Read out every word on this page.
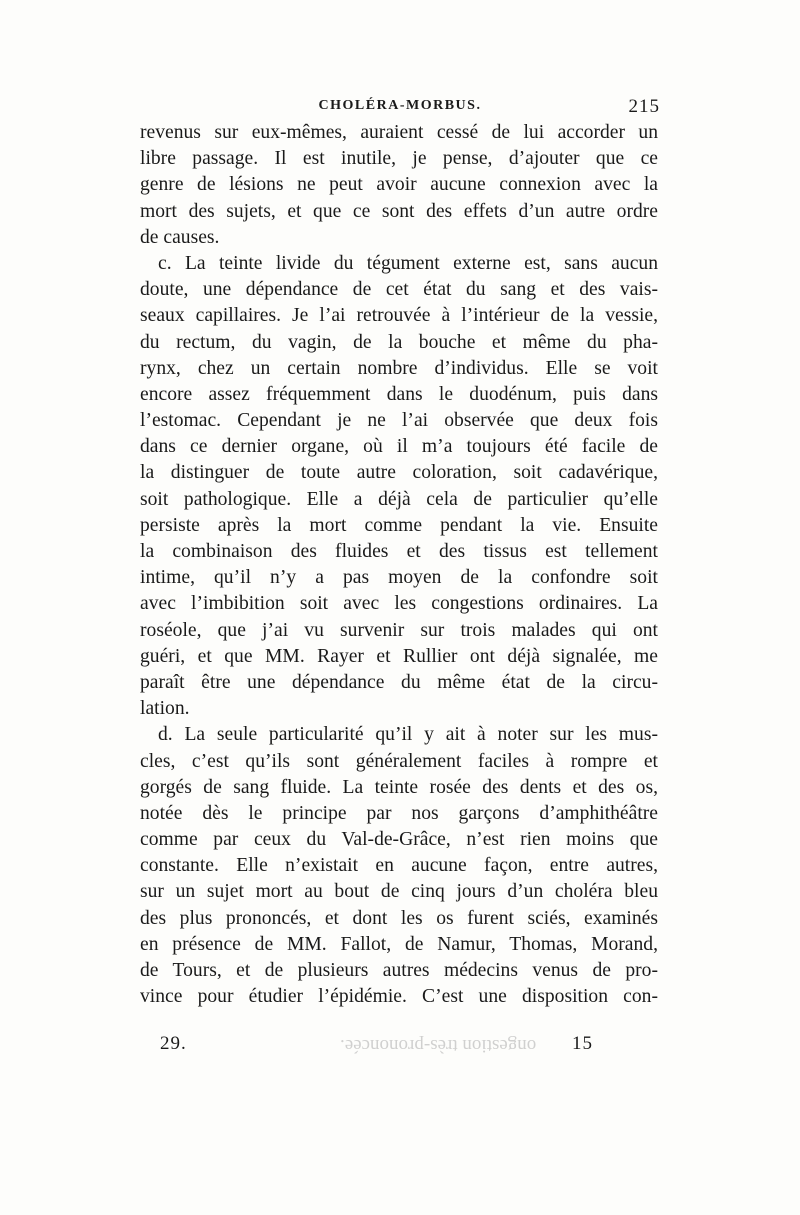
CHOLÉRA-MORBUS.	215
revenus sur eux-mêmes, auraient cessé de lui accorder un
libre passage. Il est inutile, je pense, d’ajouter que ce
genre de lésions ne peut avoir aucune connexion avec la
mort des sujets, et que ce sont des effets d’un autre ordre
de causes.
c. La teinte livide du tégument externe est, sans aucun
doute, une dépendance de cet état du sang et des vais-
seaux capillaires. Je l’ai retrouvée à l’intérieur de la vessie,
du rectum, du vagin, de la bouche et même du pha-
rynx, chez un certain nombre d’individus. Elle se voit
encore assez fréquemment dans le duodénum, puis dans
l’estomac. Cependant je ne l’ai observée que deux fois
dans ce dernier organe, où il m’a toujours été facile de
la distinguer de toute autre coloration, soit cadavérique,
soit pathologique. Elle a déjà cela de particulier qu’elle
persiste après la mort comme pendant la vie. Ensuite
la combinaison des fluides et des tissus est tellement
intime, qu’il n’y a pas moyen de la confondre soit
avec l’imbibition soit avec les congestions ordinaires. La
roséole, que j’ai vu survenir sur trois malades qui ont
guéri, et que MM. Rayer et Rullier ont déjà signalée, me
paraît être une dépendance du même état de la circu-
lation.
d. La seule particularité qu’il y ait à noter sur les mus-
cles, c’est qu’ils sont généralement faciles à rompre et
gorgés de sang fluide. La teinte rosée des dents et des os,
notée dès le principe par nos garçons d’amphithéâtre
comme par ceux du Val-de-Grâce, n’est rien moins que
constante. Elle n’existait en aucune façon, entre autres,
sur un sujet mort au bout de cinq jours d’un choléra bleu
des plus prononcés, et dont les os furent sciés, examinés
en présence de MM. Fallot, de Namur, Thomas, Morand,
de Tours, et de plusieurs autres médecins venus de pro-
vince pour étudier l’épidémie. C’est une disposition con-
29.	15
ongestion très-prononcée.
